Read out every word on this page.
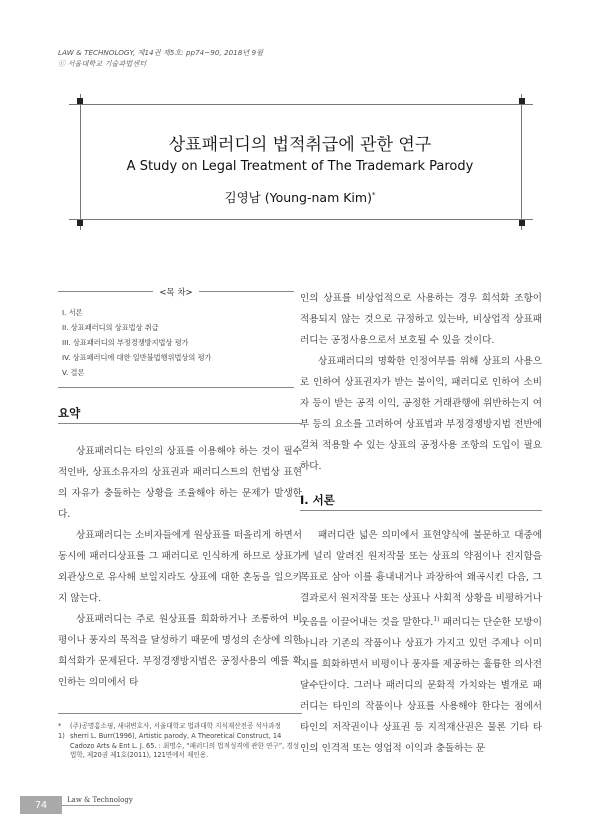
LAW & TECHNOLOGY, 제14권 제5호: pp74~90, 2018년 9월
ⓒ 서울대학교 기술과법센터
상표패러디의 법적취급에 관한 연구
A Study on Legal Treatment of The Trademark Parody
김영남 (Young-nam Kim)*
<목 차>
I. 서론
II. 상표패러디의 상표법상 취급
III. 상표패러디의 부정경쟁방지법상 평가
IV. 상표패러디에 대한 일반불법행위법상의 평가
V. 결론
요약

상표패러디는 타인의 상표를 이용해야 하는 것이 필수적인바, 상표소유자의 상표권과 패러디스트의 헌법상 표현의 자유가 충돌하는 상황을 조율해야 하는 문제가 발생한다.

상표패러디는 소비자들에게 원상표를 떠올리게 하면서 동시에 패러디상표를 그 패러디로 인식하게 하므로 상표가 외관상으로 유사해 보일지라도 상표에 대한 혼동을 일으키지 않는다.

상표패러디는 주로 원상표를 희화하거나 조롱하여 비평이나 풍자의 목적을 달성하기 때문에 명성의 손상에 의한 희석화가 문제된다. 부정경쟁방지법은 공정사용의 예를 확인하는 의미에서 타

*	(주)공명흠소핑, 새내변호사, 서울대학교 법과대학 지식재산전공 석사과정
1) sherri L. Burr(1996), Artistic parody, A Theoretical Construct, 14 Cadozo Arts & Ent L. J. 65. : 최명수, “패러디의 법적성격에 관한 연구”, 경성법학, 제20권 제1호(2011), 121면에서 재인용.

인의 상표를 비상업적으로 사용하는 경우 희석화 조항이 적용되지 않는 것으로 규정하고 있는바, 비상업적 상표패러디는 공정사용으로서 보호될 수 있을 것이다.

상표패러디의 명확한 인정여부를 위해 상표의 사용으로 인하여 상표권자가 받는 불이익, 패러디로 인하여 소비자 등이 받는 공적 이익, 공정한 거래관행에 위반하는지 여부 등의 요소를 고려하여 상표법과 부정경쟁방지법 전반에 걸쳐 적용할 수 있는 상표의 공정사용 조항의 도입이 필요하다.

I. 서론

패러디란 넓은 의미에서 표현양식에 불문하고 대중에게 널리 알려진 원저작물 또는 상표의 약점이나 진지함을 목표로 삼아 이를 흉내내거나 과장하여 왜곡시킨 다음, 그 결과로서 원저작물 또는 상표나 사회적 상황을 비평하거나 웃음을 이끌어내는 것을 말한다.$^{1)}$ 패러디는 단순한 모방이 아니라 기존의 작품이나 상표가 가지고 있던 주제나 이미지를 희화하면서 비평이나 풍자를 제공하는 훌륭한 의사전달수단이다. 그러나 패러디의 문화적 가치와는 별개로 패러디는 타인의 작품이나 상표를 사용해야 한다는 점에서 타인의 저작권이나 상표권 등 지적재산권은 물론 기타 타인의 인격적 또는 영업적 이익과 충돌하는 문

74	Law & Technology
